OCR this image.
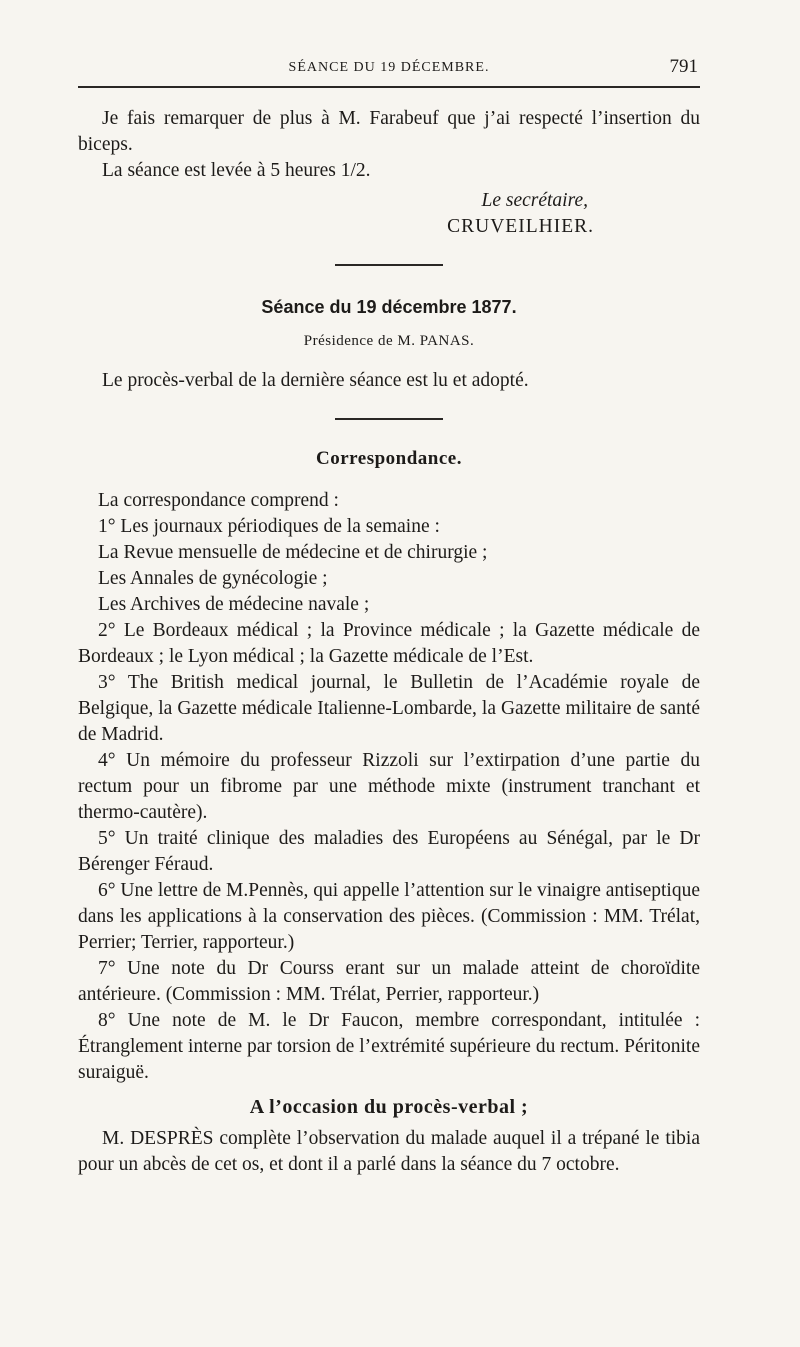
SÉANCE DU 19 DÉCEMBRE.	791

Je fais remarquer de plus à M. Farabeuf que j’ai respecté l’insertion du biceps.

La séance est levée à 5 heures 1/2.

Le secrétaire,

CRUVEILHIER.

Séance du 19 décembre 1877.
Présidence de M. PANAS.

Le procès-verbal de la dernière séance est lu et adopté.

Correspondance.

La correspondance comprend :

1° Les journaux périodiques de la semaine :

La Revue mensuelle de médecine et de chirurgie ;

Les Annales de gynécologie ;

Les Archives de médecine navale ;

2° Le Bordeaux médical ; la Province médicale ; la Gazette médicale de Bordeaux ; le Lyon médical ; la Gazette médicale de l’Est.

3° The British medical journal, le Bulletin de l’Académie royale de Belgique, la Gazette médicale Italienne-Lombarde, la Gazette militaire de santé de Madrid.

4° Un mémoire du professeur Rizzoli sur l’extirpation d’une partie du rectum pour un fibrome par une méthode mixte (instrument tranchant et thermo-cautère).

5° Un traité clinique des maladies des Européens au Sénégal, par le Dr Bérenger Féraud.

6° Une lettre de M.Pennès, qui appelle l’attention sur le vinaigre antiseptique dans les applications à la conservation des pièces. (Commission : MM. Trélat, Perrier; Terrier, rapporteur.)

7° Une note du Dr Courss erant sur un malade atteint de choroïdite antérieure. (Commission : MM. Trélat, Perrier, rapporteur.)

8° Une note de M. le Dr Faucon, membre correspondant, intitulée : Étranglement interne par torsion de l’extrémité supérieure du rectum. Péritonite suraiguë.

A l’occasion du procès-verbal ;

M. DESPRÈS complète l’observation du malade auquel il a trépané le tibia pour un abcès de cet os, et dont il a parlé dans la séance du 7 octobre.
